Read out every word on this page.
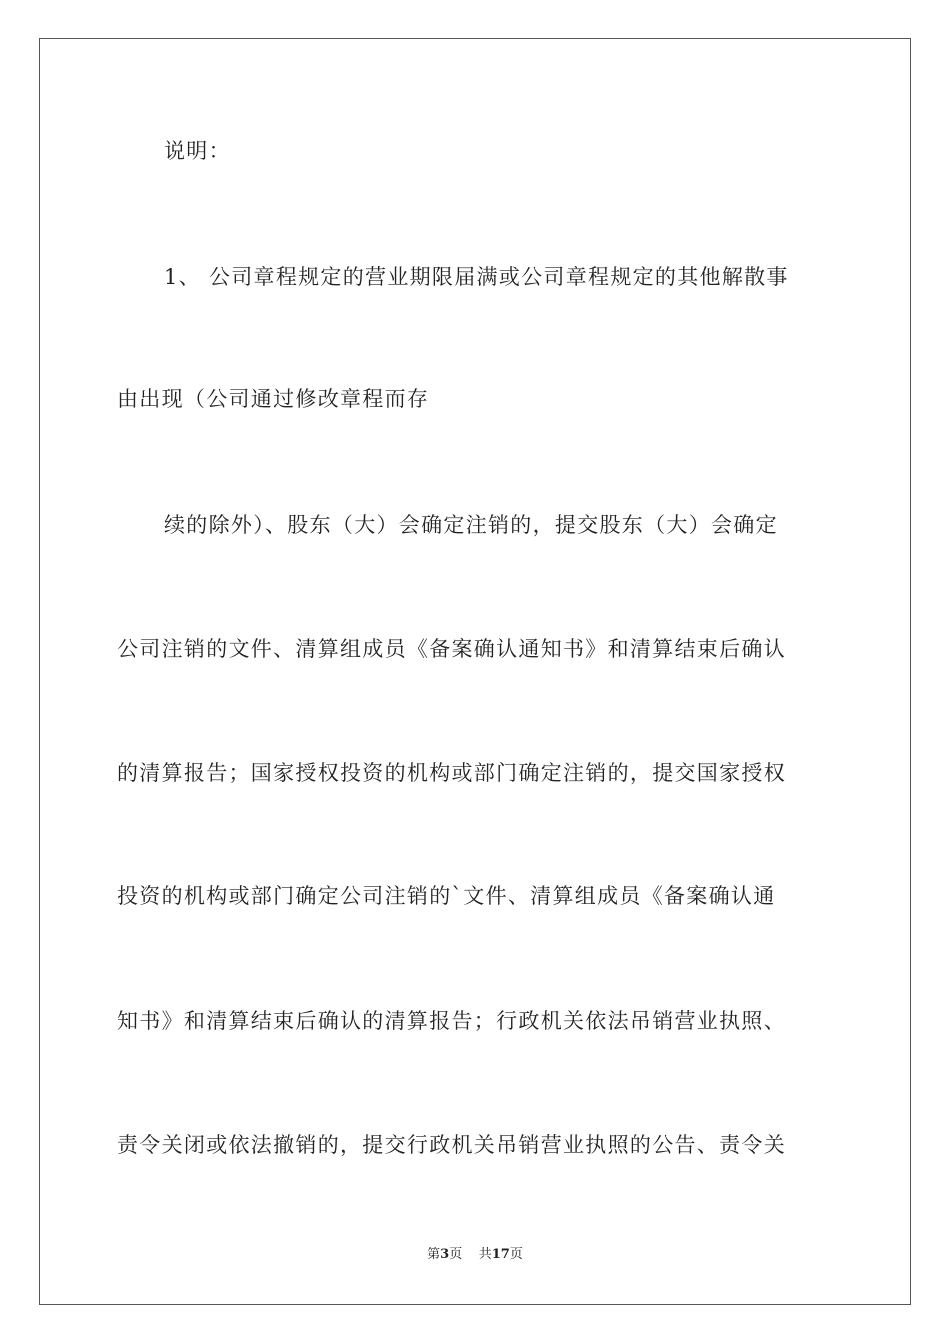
说明：
1、 公司章程规定的营业期限届满或公司章程规定的其他解散事
由出现（公司通过修改章程而存
续的除外）、股东（大）会确定注销的，提交股东（大）会确定
公司注销的文件、清算组成员《备案确认通知书》和清算结束后确认
的清算报告；国家授权投资的机构或部门确定注销的，提交国家授权
投资的机构或部门确定公司注销的`文件、清算组成员《备案确认通
知书》和清算结束后确认的清算报告；行政机关依法吊销营业执照、
责令关闭或依法撤销的，提交行政机关吊销营业执照的公告、责令关
第3页 共17页
